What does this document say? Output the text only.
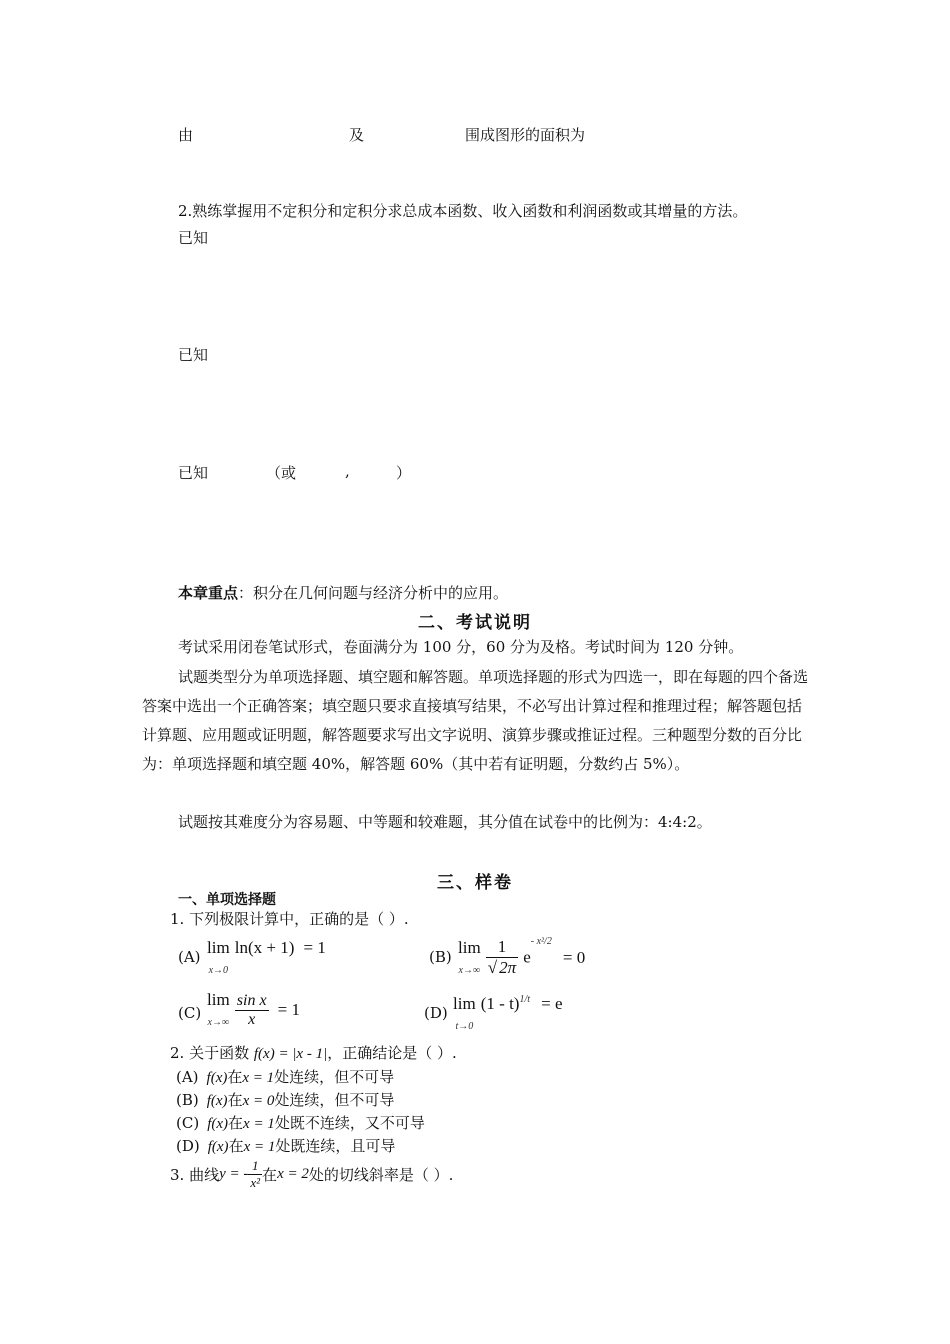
由	及	围成图形的面积为
2.熟练掌握用不定积分和定积分求总成本函数、收入函数和利润函数或其增量的方法。
已知
已知
已知	（或	,	）
本章重点：积分在几何问题与经济分析中的应用。
二、考试说明
考试采用闭卷笔试形式，卷面满分为 100 分，60 分为及格。考试时间为 120 分钟。
试题类型分为单项选择题、填空题和解答题。单项选择题的形式为四选一，即在每题的四个备选答案中选出一个正确答案；填空题只要求直接填写结果，不必写出计算过程和推理过程；解答题包括计算题、应用题或证明题，解答题要求写出文字说明、演算步骤或推证过程。三种题型分数的百分比为：单项选择题和填空题 40%，解答题 60%（其中若有证明题，分数约占 5%）。
试题按其难度分为容易题、中等题和较难题，其分值在试卷中的比例为：4:4:2。
三、样卷
一、单项选择题
1. 下列极限计算中，正确的是（ ）.
(A) lim
x→0 ln(x + 1) = 1	(B)
lim
$x\to\infty \frac{1}{√ 2\pi} e^{- x^2/2} = 0$
(C)
lim
$x\to\infty \frac{\text{sin x}}{x} = 1$	(D) lim
t→0 (1 - t)$^{1/t}$ = e
2. 关于函数 f(x) = |x - 1|，正确结论是（ ）.
(A) f(x)在x = 1处连续，但不可导
(B) f(x)在x = 0处连续，但不可导
(C) f(x)在x = 1处既不连续，又不可导
(D) f(x)在x = 1处既连续，且可导
3. 曲线y = - $\frac{1}{\text{x²}}$ 在x = 2处的切线斜率是（ ）.
